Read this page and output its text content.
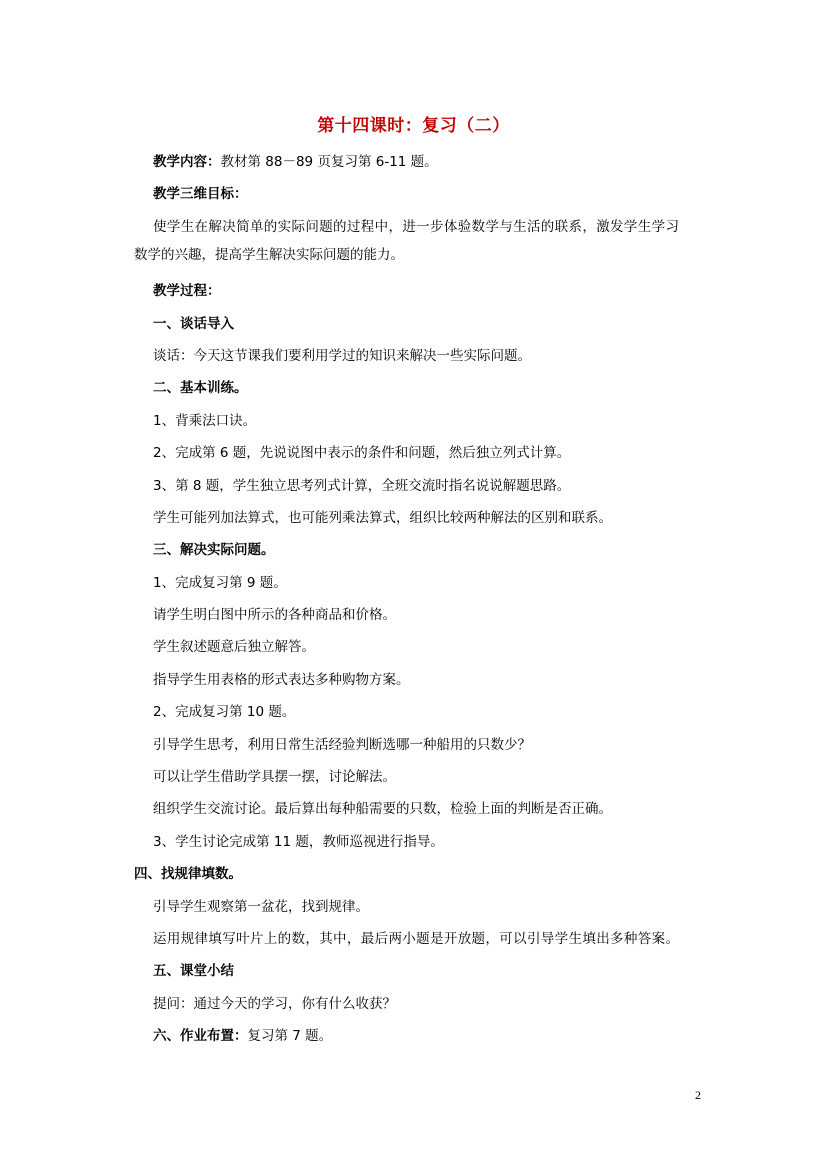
第十四课时：复习（二）
教学内容：教材第 88－89 页复习第 6-11 题。
教学三维目标：
使学生在解决简单的实际问题的过程中，进一步体验数学与生活的联系，激发学生学习
数学的兴趣，提高学生解决实际问题的能力。
教学过程：
一、谈话导入
谈话：今天这节课我们要利用学过的知识来解决一些实际问题。
二、基本训练。
1、背乘法口诀。
2、完成第 6 题，先说说图中表示的条件和问题，然后独立列式计算。
3、第 8 题，学生独立思考列式计算，全班交流时指名说说解题思路。
学生可能列加法算式，也可能列乘法算式，组织比较两种解法的区别和联系。
三、解决实际问题。
1、完成复习第 9 题。
请学生明白图中所示的各种商品和价格。
学生叙述题意后独立解答。
指导学生用表格的形式表达多种购物方案。
2、完成复习第 10 题。
引导学生思考，利用日常生活经验判断选哪一种船用的只数少？
可以让学生借助学具摆一摆，讨论解法。
组织学生交流讨论。最后算出每种船需要的只数，检验上面的判断是否正确。
3、学生讨论完成第 11 题，教师巡视进行指导。
四、找规律填数。
引导学生观察第一盆花，找到规律。
运用规律填写叶片上的数，其中，最后两小题是开放题，可以引导学生填出多种答案。
五、课堂小结
提问：通过今天的学习，你有什么收获？
六、作业布置：复习第 7 题。
2
